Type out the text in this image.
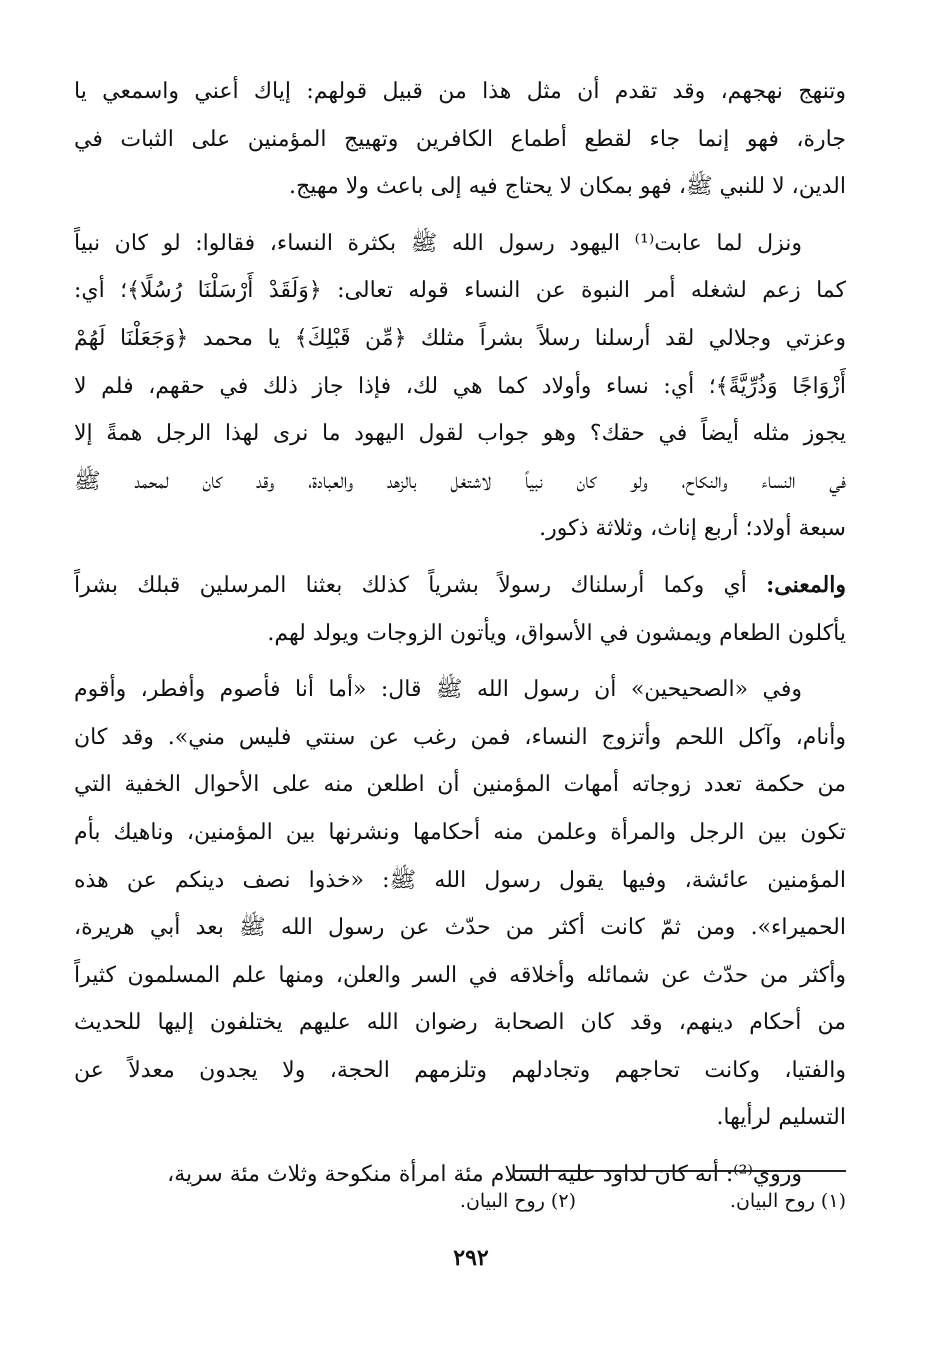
وتنهج نهجهم، وقد تقدم أن مثل هذا من قبيل قولهم: إياك أعني واسمعي يا
جارة، فهو إنما جاء لقطع أطماع الكافرين وتهييج المؤمنين على الثبات في
الدين، لا للنبي ﷺ، فهو بمكان لا يحتاج فيه إلى باعث ولا مهيج.

ونزل لما عابت⁽¹⁾ اليهود رسول الله ﷺ بكثرة النساء، فقالوا: لو كان نبياً
كما زعم لشغله أمر النبوة عن النساء قوله تعالى: ﴿وَلَقَدْ أَرْسَلْنَا رُسُلًا﴾؛ أي:
وعزتي وجلالي لقد أرسلنا رسلاً بشراً مثلك ﴿مِّن قَبْلِكَ﴾ يا محمد ﴿وَجَعَلْنَا لَهُمْ
أَزْوَاجًا وَذُرِّيَّةً﴾؛ أي: نساء وأولاد كما هي لك، فإذا جاز ذلك في حقهم، فلم لا
يجوز مثله أيضاً في حقك؟ وهو جواب لقول اليهود ما نرى لهذا الرجل همةً إلا
في النساء والنكاح، ولو كان نبياً لاشتغل بالزهد والعبادة، وقد كان لمحمد ﷺ
سبعة أولاد؛ أربع إناث، وثلاثة ذكور.

والمعنى: أي وكما أرسلناك رسولاً بشرياً كذلك بعثنا المرسلين قبلك بشراً
يأكلون الطعام ويمشون في الأسواق، ويأتون الزوجات ويولد لهم.

وفي «الصحيحين» أن رسول الله ﷺ قال: «أما أنا فأصوم وأفطر، وأقوم
وأنام، وآكل اللحم وأتزوج النساء، فمن رغب عن سنتي فليس مني». وقد كان
من حكمة تعدد زوجاته أمهات المؤمنين أن اطلعن منه على الأحوال الخفية التي
تكون بين الرجل والمرأة وعلمن منه أحكامها ونشرنها بين المؤمنين، وناهيك بأم
المؤمنين عائشة، وفيها يقول رسول الله ﷺ: «خذوا نصف دينكم عن هذه
الحميراء». ومن ثمّ كانت أكثر من حدّث عن رسول الله ﷺ بعد أبي هريرة،
وأكثر من حدّث عن شمائله وأخلاقه في السر والعلن، ومنها علم المسلمون كثيراً
من أحكام دينهم، وقد كان الصحابة رضوان الله عليهم يختلفون إليها للحديث
والفتيا، وكانت تحاجهم وتجادلهم وتلزمهم الحجة، ولا يجدون معدلاً عن
التسليم لرأيها.

وروي⁽²⁾: أنه كان لداود عليه السلام مئة امرأة منكوحة وثلاث مئة سرية،

(١) روح البيان.
(٢) روح البيان.
٢٩٢
